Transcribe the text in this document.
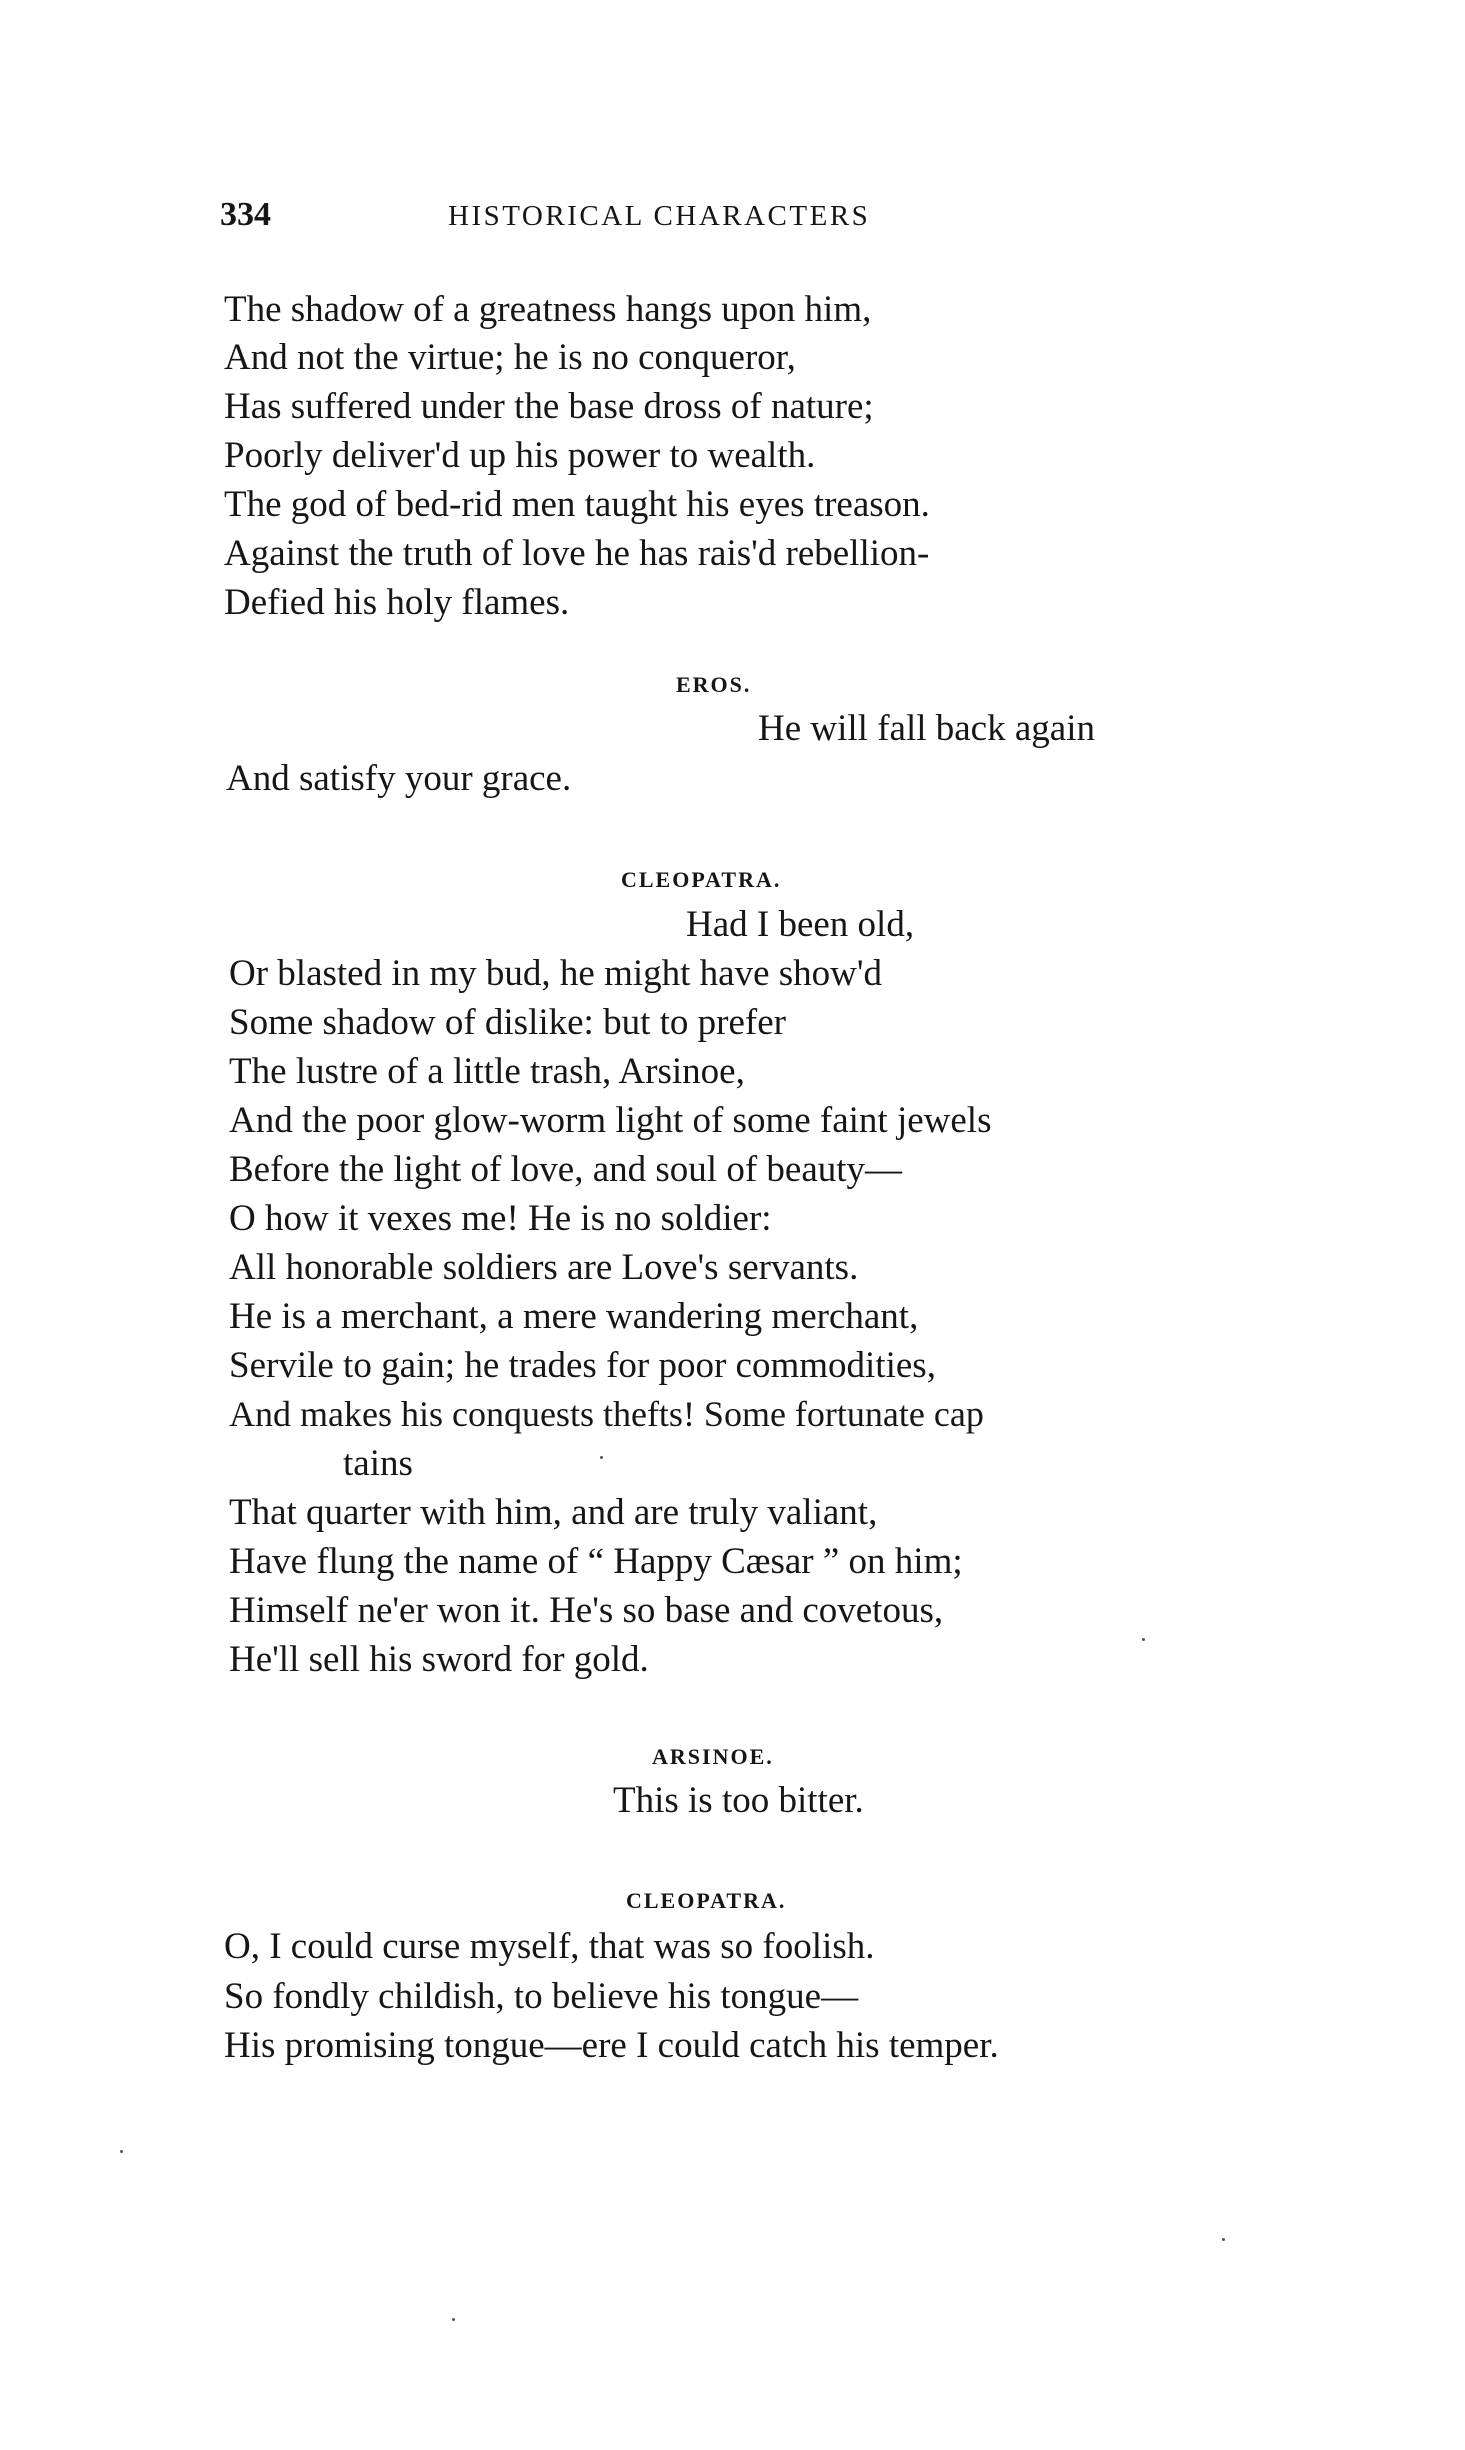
334	HISTORICAL CHARACTERS
The shadow of a greatness hangs upon him,
And not the virtue; he is no conqueror,
Has suffered under the base dross of nature;
Poorly deliver'd up his power to wealth.
The god of bed-rid men taught his eyes treason.
Against the truth of love he has rais'd rebellion-
Defied his holy flames.
EROS.
He will fall back again
And satisfy your grace.
CLEOPATRA.
Had I been old,
Or blasted in my bud, he might have show'd
Some shadow of dislike: but to prefer
The lustre of a little trash, Arsinoe,
And the poor glow-worm light of some faint jewels
Before the light of love, and soul of beauty—
O how it vexes me! He is no soldier:
All honorable soldiers are Love's servants.
He is a merchant, a mere wandering merchant,
Servile to gain; he trades for poor commodities,
And makes his conquests thefts! Some fortunate cap
tains
That quarter with him, and are truly valiant,
Have flung the name of “ Happy Cæsar ” on him;
Himself ne'er won it. He's so base and covetous,
He'll sell his sword for gold.
ARSINOE.
This is too bitter.
CLEOPATRA.
O, I could curse myself, that was so foolish.
So fondly childish, to believe his tongue—
His promising tongue—ere I could catch his temper.
